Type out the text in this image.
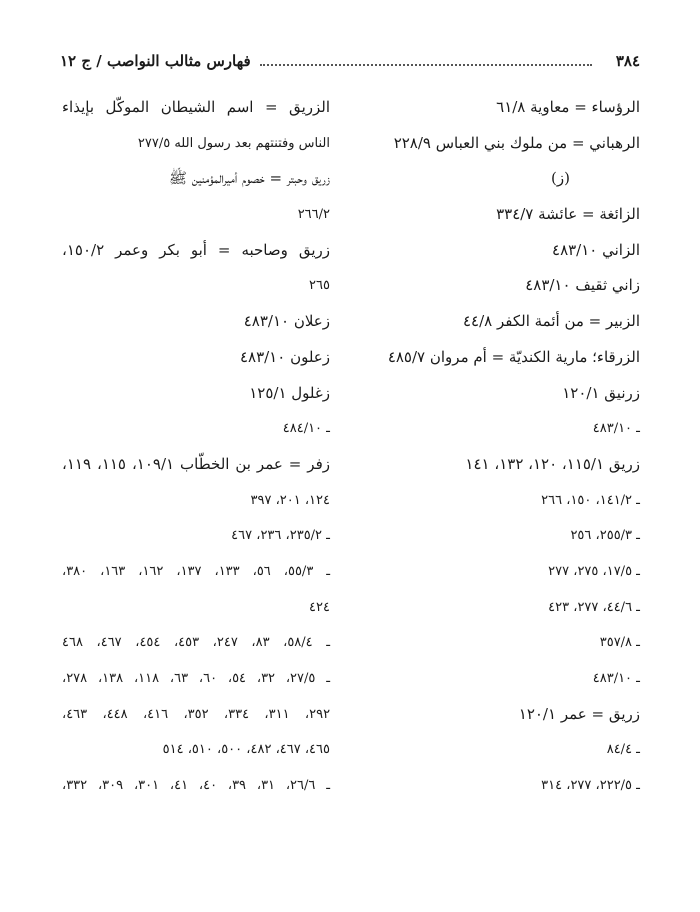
٣٨٤
فهارس مثالب النواصب / ج ١٢
الرؤساء = معاوية ٦١/٨
الرهباني = من ملوك بني العباس ٢٢٨/٩
(ز)
الزائغة = عائشة ٣٣٤/٧
الزاني ٤٨٣/١٠
زاني ثقيف ٤٨٣/١٠
الزبير = من أئمة الكفر ٤٤/٨
الزرقاء؛ مارية الكنديّة = أم مروان ٤٨٥/٧
زرنيق ١٢٠/١
ـ ٤٨٣/١٠
زريق ١١٥/١، ١٢٠، ١٣٢، ١٤١
ـ ١٤١/٢، ١٥٠، ٢٦٦
ـ ٢٥٥/٣، ٢٥٦
ـ ١٧/٥، ٢٧٥، ٢٧٧
ـ ٤٤/٦، ٢٧٧، ٤٢٣
ـ ٣٥٧/٨
ـ ٤٨٣/١٠
زريق = عمر ١٢٠/١
ـ ٨٤/٤
ـ ٢٢٢/٥، ٢٧٧، ٣١٤
الزريق = اسم الشيطان الموكّل بإيذاء
الناس وفتنتهم بعد رسول الله ٢٧٧/٥
زريق وحبتر = خصوم أميرالمؤمنين ﷺ
٢٦٦/٢
زريق وصاحبه = أبو بكر وعمر ١٥٠/٢،
٢٦٥
زعلان ٤٨٣/١٠
زعلون ٤٨٣/١٠
زغلول ١٢٥/١
ـ ٤٨٤/١٠
زفر = عمر بن الخطّاب ١٠٩/١، ١١٥، ١١٩،
١٢٤، ٢٠١، ٣٩٧
ـ ٢٣٥/٢، ٢٣٦، ٤٦٧
ـ ٥٥/٣، ٥٦، ١٣٣، ١٣٧، ١٦٢، ١٦٣، ٣٨٠،
٤٢٤
ـ ٥٨/٤، ٨٣، ٢٤٧، ٤٥٣، ٤٥٤، ٤٦٧، ٤٦٨
ـ ٢٧/٥، ٣٢، ٥٤، ٦٠، ٦٣، ١١٨، ١٣٨، ٢٧٨،
٢٩٢، ٣١١، ٣٣٤، ٣٥٢، ٤١٦، ٤٤٨، ٤٦٣،
٤٦٥، ٤٦٧، ٤٨٢، ٥٠٠، ٥١٠، ٥١٤
ـ ٢٦/٦، ٣١، ٣٩، ٤٠، ٤١، ٣٠١، ٣٠٩، ٣٣٢،
